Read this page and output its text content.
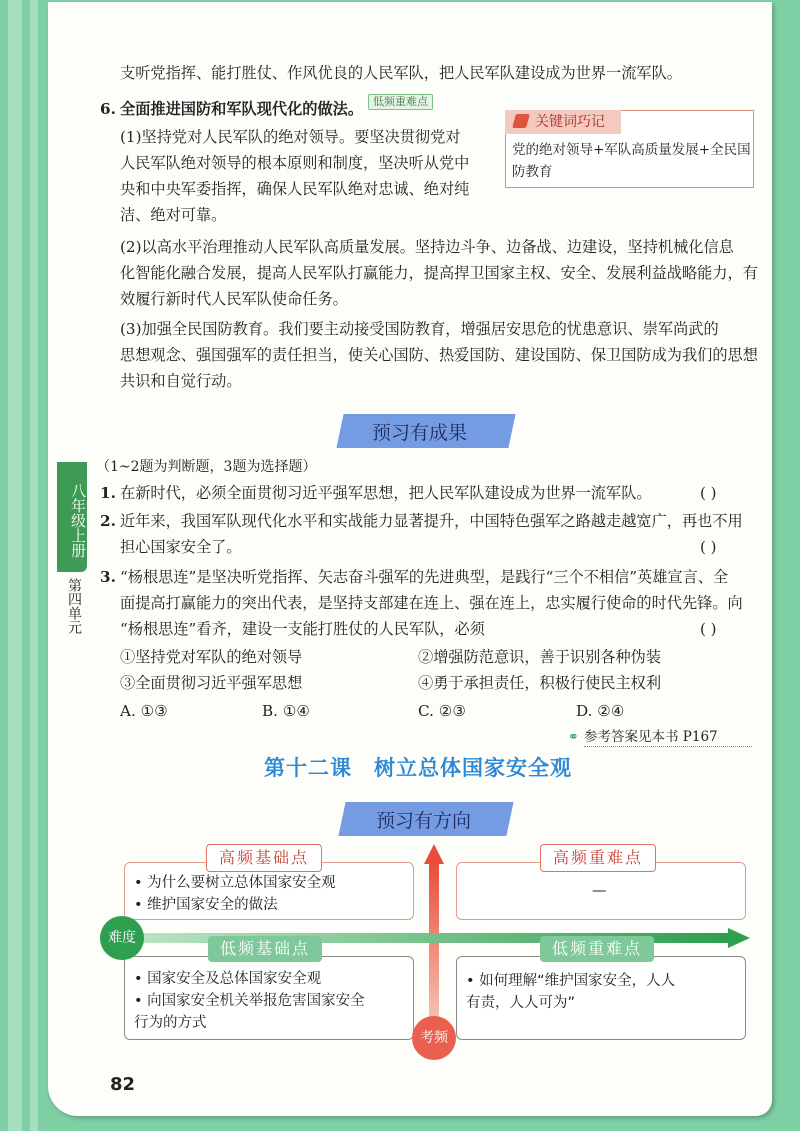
支听党指挥、能打胜仗、作风优良的人民军队，把人民军队建设成为世界一流军队。
6. 全面推进国防和军队现代化的做法。 低频重难点
(1)坚持党对人民军队的绝对领导。要坚决贯彻党对
人民军队绝对领导的根本原则和制度，坚决听从党中
央和中央军委指挥，确保人民军队绝对忠诚、绝对纯
洁、绝对可靠。
关键词巧记
党的绝对领导+军队高质量发展+全民国防教育
(2)以高水平治理推动人民军队高质量发展。坚持边斗争、边备战、边建设，坚持机械化信息
化智能化融合发展，提高人民军队打赢能力，提高捍卫国家主权、安全、发展利益战略能力，有
效履行新时代人民军队使命任务。
(3)加强全民国防教育。我们要主动接受国防教育，增强居安思危的忧患意识、崇军尚武的
思想观念、强国强军的责任担当，使关心国防、热爱国防、建设国防、保卫国防成为我们的思想
共识和自觉行动。
预习有成果
八年级上册
第四单元
（1~2题为判断题，3题为选择题）
1. 在新时代，必须全面贯彻习近平强军思想，把人民军队建设成为世界一流军队。	( )
2. 近年来，我国军队现代化水平和实战能力显著提升，中国特色强军之路越走越宽广，再也不用
担心国家安全了。	( )
3. “杨根思连”是坚决听党指挥、矢志奋斗强军的先进典型，是践行“三个不相信”英雄宣言、全
面提高打赢能力的突出代表，是坚持支部建在连上、强在连上，忠实履行使命的时代先锋。向
“杨根思连”看齐，建设一支能打胜仗的人民军队，必须	( )
①坚持党对军队的绝对领导	②增强防范意识，善于识别各种伪装
③全面贯彻习近平强军思想	④勇于承担责任，积极行使民主权利
A. ①③	B. ①④	C. ②③	D. ②④
⚭ 参考答案见本书 P167
第十二课　树立总体国家安全观
预习有方向
高频基础点
• 为什么要树立总体国家安全观
• 维护国家安全的做法
高频重难点
—
低频基础点
• 国家安全及总体国家安全观
• 向国家安全机关举报危害国家安全
行为的方式
低频重难点
• 如何理解“维护国家安全，人人
有责，人人可为”
难度
考频
82
